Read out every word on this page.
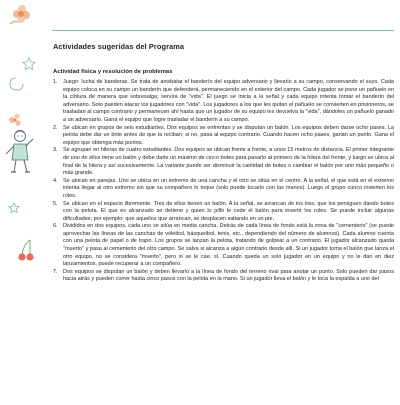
Actividades sugeridas del Programa
Actividad física y resolución de problemas
1. Juego: lucha de banderas. Se trata de arrebatar el banderín del equipo adversario y llevarlo a su campo, conservando el suyo. Cada equipo coloca en su campo un banderín que defenderá, permaneciendo en el exterior del campo. Cada jugador se pone un pañuelo en la cintura de manera que sobresalga; servirá de "vida". El juego se inicia a la señal y cada equipo intenta tomar el banderín del adversario. Solo pueden atacar los jugadores con "vida". Los jugadores a los que les quitan el pañuelo se convierten en prisioneros, se trasladan al campo contrario y permanecen ahí hasta que un jugador de su equipo les devuelva la "vida", dándoles un pañuelo ganado a un adversario. Gana el equipo que logre trasladar el banderín a su campo.
2. Se ubican en grupos de seis estudiantes. Dos equipos se enfrentan y se disputan un balón. Los equipos deben darse ocho pases. La pelota debe dar un bote antes de que la reciban; si no, pasa al equipo contrario. Cuando hacen ocho pases, ganan un punto. Gana el equipo que obtenga más puntos.
3. Se agrupan en hileras de cuatro estudiantes. Dos equipos se ubican frente a frente, a unos 15 metros de distancia. El primer integrante de uno de ellos tiene un balón y debe darle un máximo de cinco botes para pasarlo al primero de la hilera del frente, y luego se ubica al final de la hilera y así sucesivamente. La variante puede ser disminuir la cantidad de botes o cambiar el balón por uno más pequeño o más grande.
4. Se ubican en parejas. Uno se ubica en un extremo de una cancha y el otro se sitúa en el centro. A la señal, el que está en el extremo intenta llegar al otro extremo sin que su compañero lo toque (solo puede tocarlo con las manos). Luego el grupo cunco invierten los roles.
5. Se ubican en el espacio libremente. Tres de ellos tienen un balón. A la señal, se arrancan de los tres, que los persiguen dando botes con la pelota. El que es alcanzado se detiene y quien lo pilló le cede el balón para invertir los roles. Se puede incluir algunas dificultades; por ejemplo: que aquellos que arrancan, se desplacen saltando en un pie.
6. Divididos en dos equipos, cada uno se sitúa en media cancha. Detrás de cada línea de fondo está la zona de "cementerio" (se puede aprovechar las líneas de las canchas de vóleibol, básquetbol, tenis, etc., dependiendo del número de alumnos). Cada alumno cuenta con una pelota de papel o de trapo. Los grupos se lanzan la pelota, tratando de golpear a un contrario. El jugador alcanzado queda "muerto" y pasa al cementerio del otro campo. Se salva si alcanza a algún contrario desde allí. Si un jugador toma el balón que lanza el otro equipo, no se considera "muerto", pero si se le cae, sí. Cuando queda un solo jugador en un equipo y no le dan en diez lanzamientos, puede recuperar a un compañero.
7. Dos equipos se disputan un balón y deben llevarlo a la línea de fondo del terreno rival para anotar un punto. Solo pueden dar pasos hacia atrás y pueden correr hasta cinco pasos con la pelota en la mano. Si un jugador lleva el balón y le toca la espalda a uno del
